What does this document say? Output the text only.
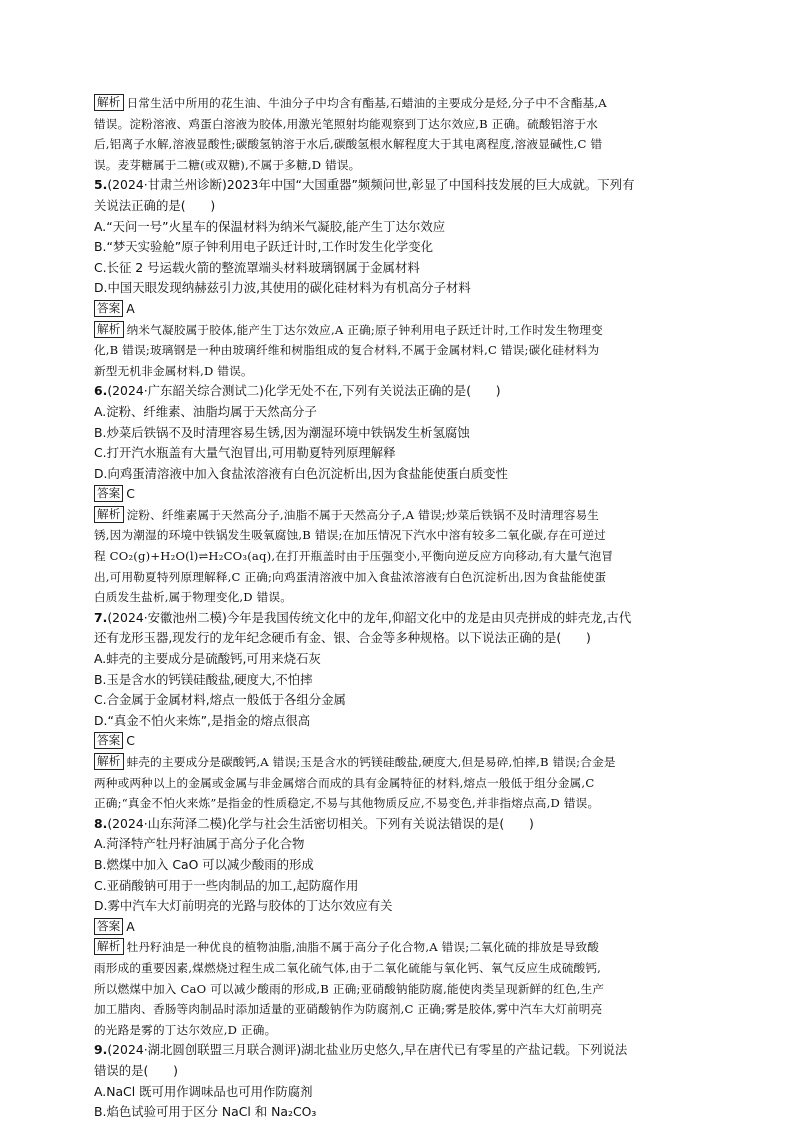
解析 日常生活中所用的花生油、牛油分子中均含有酯基,石蜡油的主要成分是烃,分子中不含酯基,A
错误。淀粉溶液、鸡蛋白溶液为胶体,用激光笔照射均能观察到丁达尔效应,B 正确。硫酸铝溶于水
后,铝离子水解,溶液显酸性;碳酸氢钠溶于水后,碳酸氢根水解程度大于其电离程度,溶液显碱性,C 错
误。麦芽糖属于二糖(或双糖),不属于多糖,D 错误。
5.(2024·甘肃兰州诊断)2023年中国“大国重器”频频问世,彰显了中国科技发展的巨大成就。下列有
关说法正确的是(　　)
A.“天问一号”火星车的保温材料为纳米气凝胶,能产生丁达尔效应
B.“梦天实验舱”原子钟利用电子跃迁计时,工作时发生化学变化
C.长征 2 号运载火箭的整流罩端头材料玻璃钢属于金属材料
D.中国天眼发现纳赫兹引力波,其使用的碳化硅材料为有机高分子材料
答案 A
解析 纳米气凝胶属于胶体,能产生丁达尔效应,A 正确;原子钟利用电子跃迁计时,工作时发生物理变
化,B 错误;玻璃钢是一种由玻璃纤维和树脂组成的复合材料,不属于金属材料,C 错误;碳化硅材料为
新型无机非金属材料,D 错误。
6.(2024·广东韶关综合测试二)化学无处不在,下列有关说法正确的是(　　)
A.淀粉、纤维素、油脂均属于天然高分子
B.炒菜后铁锅不及时清理容易生锈,因为潮湿环境中铁锅发生析氢腐蚀
C.打开汽水瓶盖有大量气泡冒出,可用勒夏特列原理解释
D.向鸡蛋清溶液中加入食盐浓溶液有白色沉淀析出,因为食盐能使蛋白质变性
答案 C
解析 淀粉、纤维素属于天然高分子,油脂不属于天然高分子,A 错误;炒菜后铁锅不及时清理容易生
锈,因为潮湿的环境中铁锅发生吸氧腐蚀,B 错误;在加压情况下汽水中溶有较多二氧化碳,存在可逆过
程 CO₂(g)+H₂O(l)⇌H₂CO₃(aq),在打开瓶盖时由于压强变小,平衡向逆反应方向移动,有大量气泡冒
出,可用勒夏特列原理解释,C 正确;向鸡蛋清溶液中加入食盐浓溶液有白色沉淀析出,因为食盐能使蛋
白质发生盐析,属于物理变化,D 错误。
7.(2024·安徽池州二模)今年是我国传统文化中的龙年,仰韶文化中的龙是由贝壳拼成的蚌壳龙,古代
还有龙形玉器,现发行的龙年纪念硬币有金、银、合金等多种规格。以下说法正确的是(　　)
A.蚌壳的主要成分是硫酸钙,可用来烧石灰
B.玉是含水的钙镁硅酸盐,硬度大,不怕摔
C.合金属于金属材料,熔点一般低于各组分金属
D.“真金不怕火来炼”,是指金的熔点很高
答案 C
解析 蚌壳的主要成分是碳酸钙,A 错误;玉是含水的钙镁硅酸盐,硬度大,但是易碎,怕摔,B 错误;合金是
两种或两种以上的金属或金属与非金属熔合而成的具有金属特征的材料,熔点一般低于组分金属,C
正确;“真金不怕火来炼”是指金的性质稳定,不易与其他物质反应,不易变色,并非指熔点高,D 错误。
8.(2024·山东菏泽二模)化学与社会生活密切相关。下列有关说法错误的是(　　)
A.菏泽特产牡丹籽油属于高分子化合物
B.燃煤中加入 CaO 可以减少酸雨的形成
C.亚硝酸钠可用于一些肉制品的加工,起防腐作用
D.雾中汽车大灯前明亮的光路与胶体的丁达尔效应有关
答案 A
解析 牡丹籽油是一种优良的植物油脂,油脂不属于高分子化合物,A 错误;二氧化硫的排放是导致酸
雨形成的重要因素,煤燃烧过程生成二氧化硫气体,由于二氧化硫能与氧化钙、氧气反应生成硫酸钙,
所以燃煤中加入 CaO 可以减少酸雨的形成,B 正确;亚硝酸钠能防腐,能使肉类呈现新鲜的红色,生产
加工腊肉、香肠等肉制品时添加适量的亚硝酸钠作为防腐剂,C 正确;雾是胶体,雾中汽车大灯前明亮
的光路是雾的丁达尔效应,D 正确。
9.(2024·湖北圆创联盟三月联合测评)湖北盐业历史悠久,早在唐代已有零星的产盐记载。下列说法
错误的是(　　)
A.NaCl 既可用作调味品也可用作防腐剂
B.焰色试验可用于区分 NaCl 和 Na₂CO₃
